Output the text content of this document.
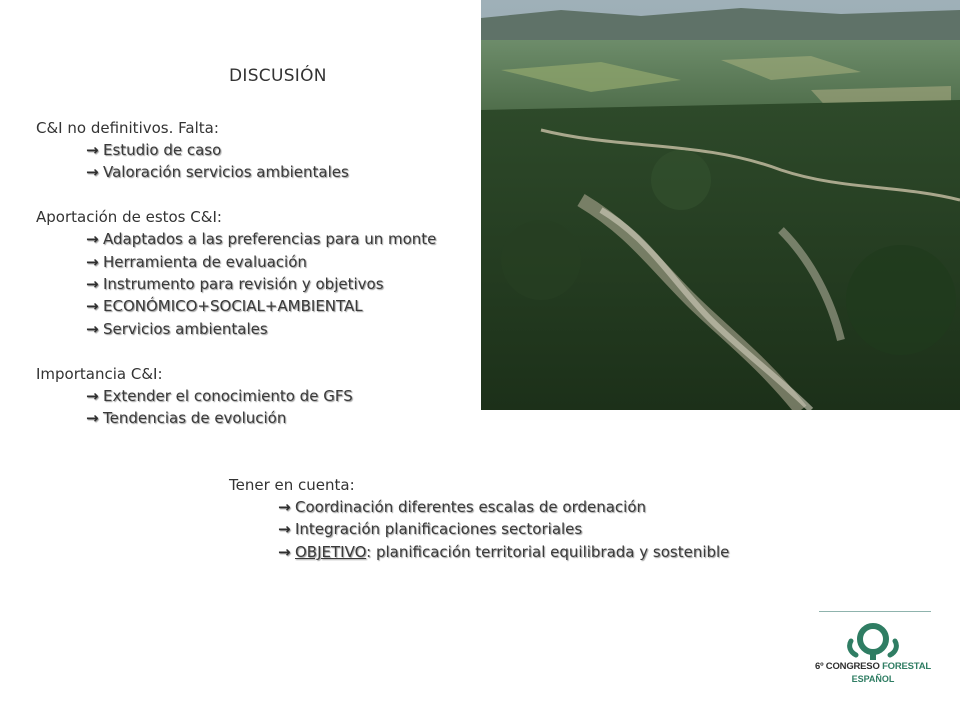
DISCUSIÓN
C&I no definitivos. Falta:
→ Estudio de caso
→ Valoración servicios ambientales
Aportación de estos C&I:
→ Adaptados a las preferencias para un monte
→ Herramienta de evaluación
→ Instrumento para revisión y objetivos
→ ECONÓMICO+SOCIAL+AMBIENTAL
→ Servicios ambientales
Importancia C&I:
→ Extender el conocimiento de GFS
→ Tendencias de evolución
Tener en cuenta:
→ Coordinación diferentes escalas de ordenación
→ Integración planificaciones sectoriales
→ OBJETIVO: planificación territorial equilibrada y sostenible
6º CONGRESO FORESTAL
ESPAÑOL
